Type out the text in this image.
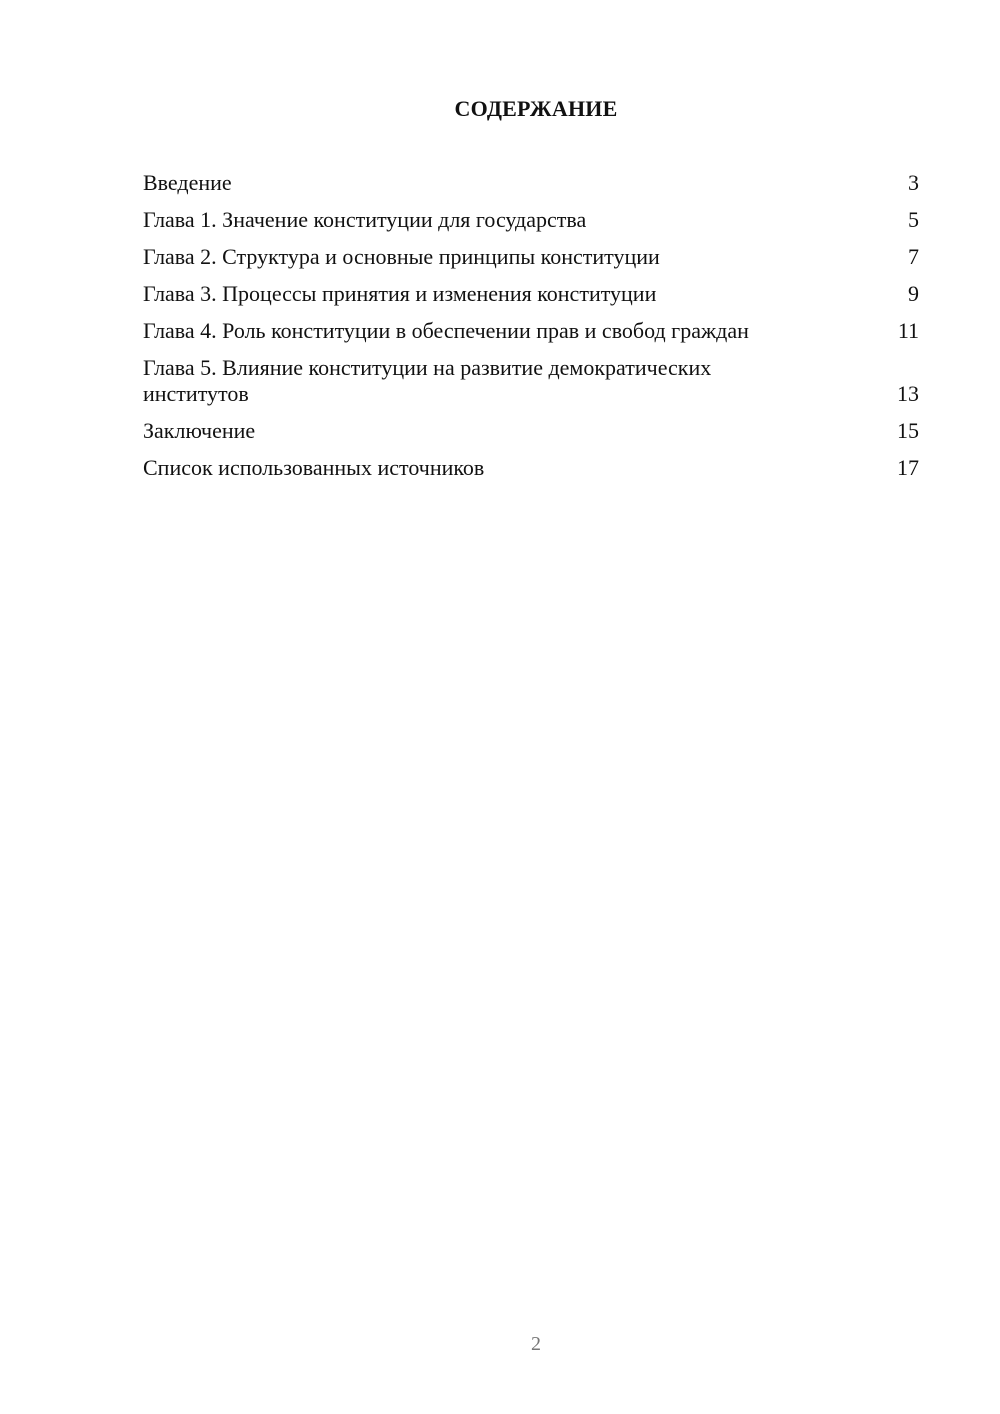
СОДЕРЖАНИЕ
Введение	3
Глава 1. Значение конституции для государства	5
Глава 2. Структура и основные принципы конституции	7
Глава 3. Процессы принятия и изменения конституции	9
Глава 4. Роль конституции в обеспечении прав и свобод граждан	11
Глава 5. Влияние конституции на развитие демократических институтов	13
Заключение	15
Список использованных источников	17
2
